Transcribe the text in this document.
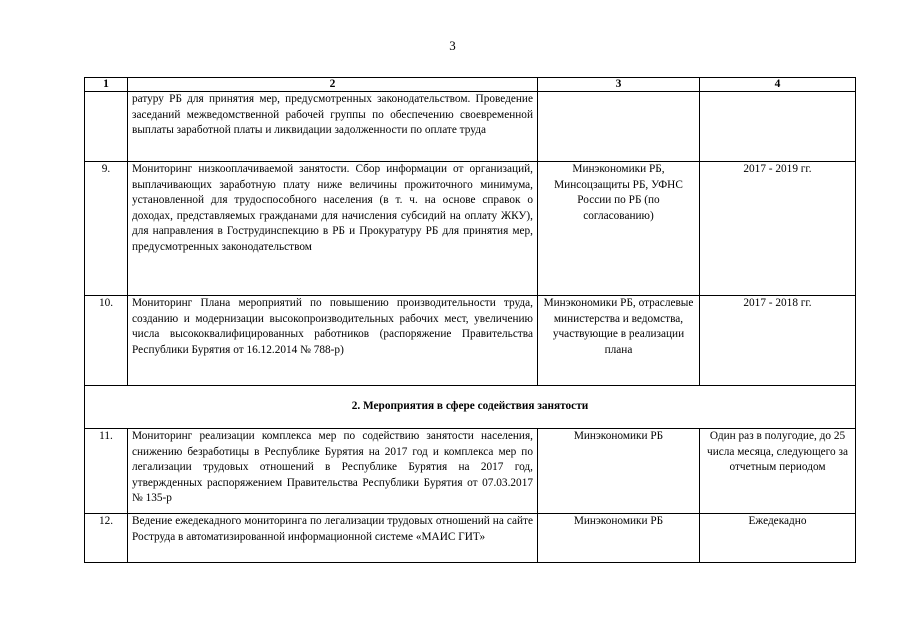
3
1	2	3	4
	ратуру РБ для принятия мер, предусмотренных законодательством. Проведение заседаний межведомственной рабочей группы по обеспечению своевременной выплаты заработной платы и ликвидации задолженности по оплате труда		
9.	Мониторинг низкооплачиваемой занятости. Сбор информации от организаций, выплачивающих заработную плату ниже величины прожиточного минимума, установленной для трудоспособного населения (в т. ч. на основе справок о доходах, представляемых гражданами для начисления субсидий на оплату ЖКУ), для направления в Гострудинспекцию в РБ и Прокуратуру РБ для принятия мер, предусмотренных законодательством	Минэкономики РБ, Минсоцзащиты РБ, УФНС России по РБ (по согласованию)	2017 - 2019 гг.
10.	Мониторинг Плана мероприятий по повышению производительности труда, созданию и модернизации высокопроизводительных рабочих мест, увеличению числа высококвалифицированных работников (распоряжение Правительства Республики Бурятия от 16.12.2014 № 788-р)	Минэкономики РБ, отраслевые министерства и ведомства, участвующие в реализации плана	2017 - 2018 гг.
2. Мероприятия в сфере содействия занятости			
11.	Мониторинг реализации комплекса мер по содействию занятости населения, снижению безработицы в Республике Бурятия на 2017 год и комплекса мер по легализации трудовых отношений в Республике Бурятия на 2017 год, утвержденных распоряжением Правительства Республики Бурятия от 07.03.2017 № 135-р	Минэкономики РБ	Один раз в полугодие, до 25 числа месяца, следующего за отчетным периодом
12.	Ведение ежедекадного мониторинга по легализации трудовых отношений на сайте Роструда в автоматизированной информационной системе «МАИС ГИТ»	Минэкономики РБ	Ежедекадно
